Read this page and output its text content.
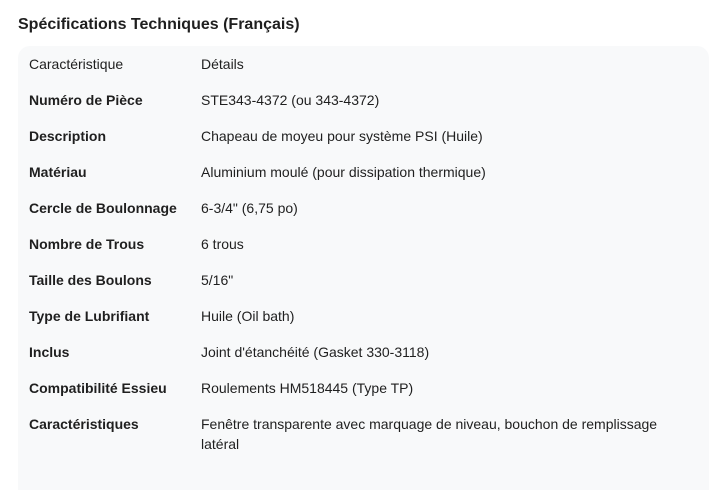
Spécifications Techniques (Français)
Caractéristique	Détails
Numéro de Pièce	STE343-4372 (ou 343-4372)
Description	Chapeau de moyeu pour système PSI (Huile)
Matériau	Aluminium moulé (pour dissipation thermique)
Cercle de Boulonnage	6-3/4" (6,75 po)
Nombre de Trous	6 trous
Taille des Boulons	5/16"
Type de Lubrifiant	Huile (Oil bath)
Inclus	Joint d'étanchéité (Gasket 330-3118)
Compatibilité Essieu	Roulements HM518445 (Type TP)
Caractéristiques	Fenêtre transparente avec marquage de niveau, bouchon de remplissage latéral
